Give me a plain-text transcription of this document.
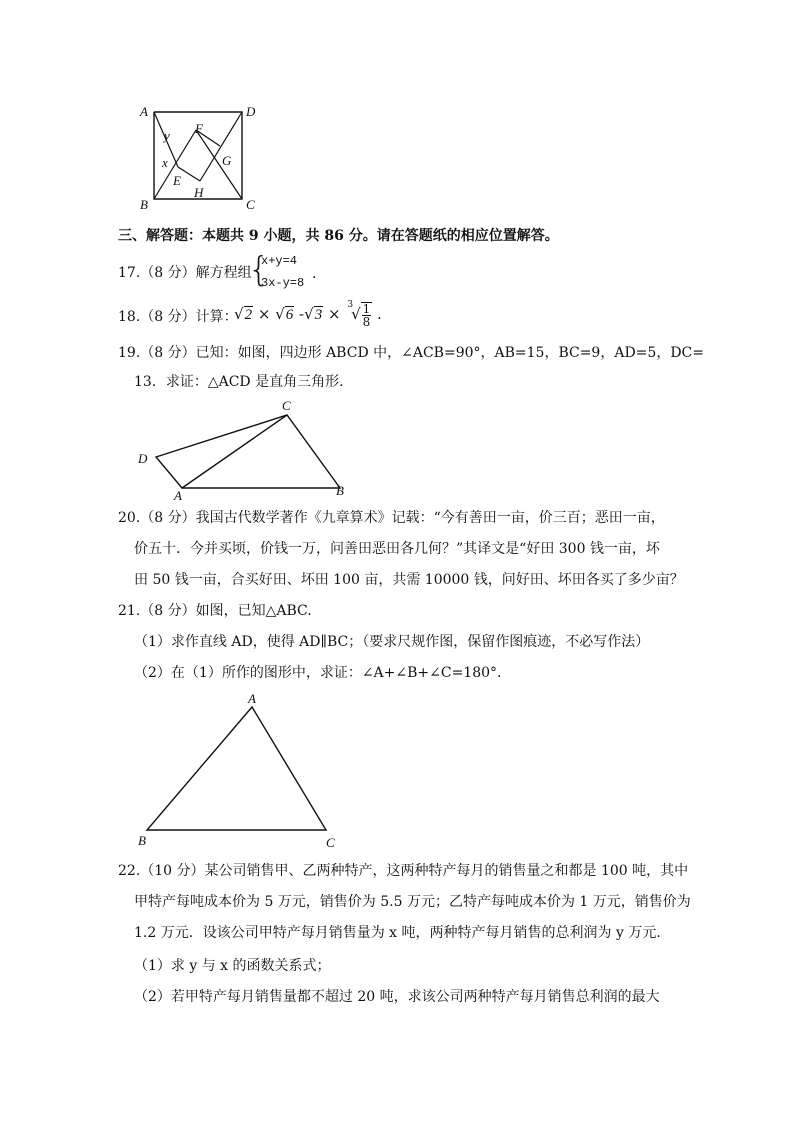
A	D
B	C
F
G
E
H
y
x
三、解答题：本题共 9 小题，共 86 分。请在答题纸的相应位置解答。
17.（8 分）解方程组
{
x+y=4
3x-y=8
.
18.（8 分）计算：
√2 × √6 $-√3 \times ^3√ \frac{1}{8}$ .
19.（8 分）已知：如图，四边形 ABCD 中，∠ACB=90°，AB=15，BC=9，AD=5，DC=
13．求证：△ACD 是直角三角形.
C
D
A	B
20.（8 分）我国古代数学著作《九章算术》记载：“今有善田一亩，价三百；恶田一亩，
价五十．今并买顷，价钱一万，问善田恶田各几何？”其译文是“好田 300 钱一亩，坏
田 50 钱一亩，合买好田、坏田 100 亩，共需 10000 钱，问好田、坏田各买了多少亩？
21.（8 分）如图，已知△ABC.
（1）求作直线 AD，使得 AD∥BC；（要求尺规作图，保留作图痕迹，不必写作法）
（2）在（1）所作的图形中，求证：∠A+∠B+∠C=180°.
A
B	C
22.（10 分）某公司销售甲、乙两种特产，这两种特产每月的销售量之和都是 100 吨，其中
甲特产每吨成本价为 5 万元，销售价为 5.5 万元；乙特产每吨成本价为 1 万元，销售价为
1.2 万元．设该公司甲特产每月销售量为 x 吨，两种特产每月销售的总利润为 y 万元.
（1）求 y 与 x 的函数关系式；
（2）若甲特产每月销售量都不超过 20 吨，求该公司两种特产每月销售总利润的最大
